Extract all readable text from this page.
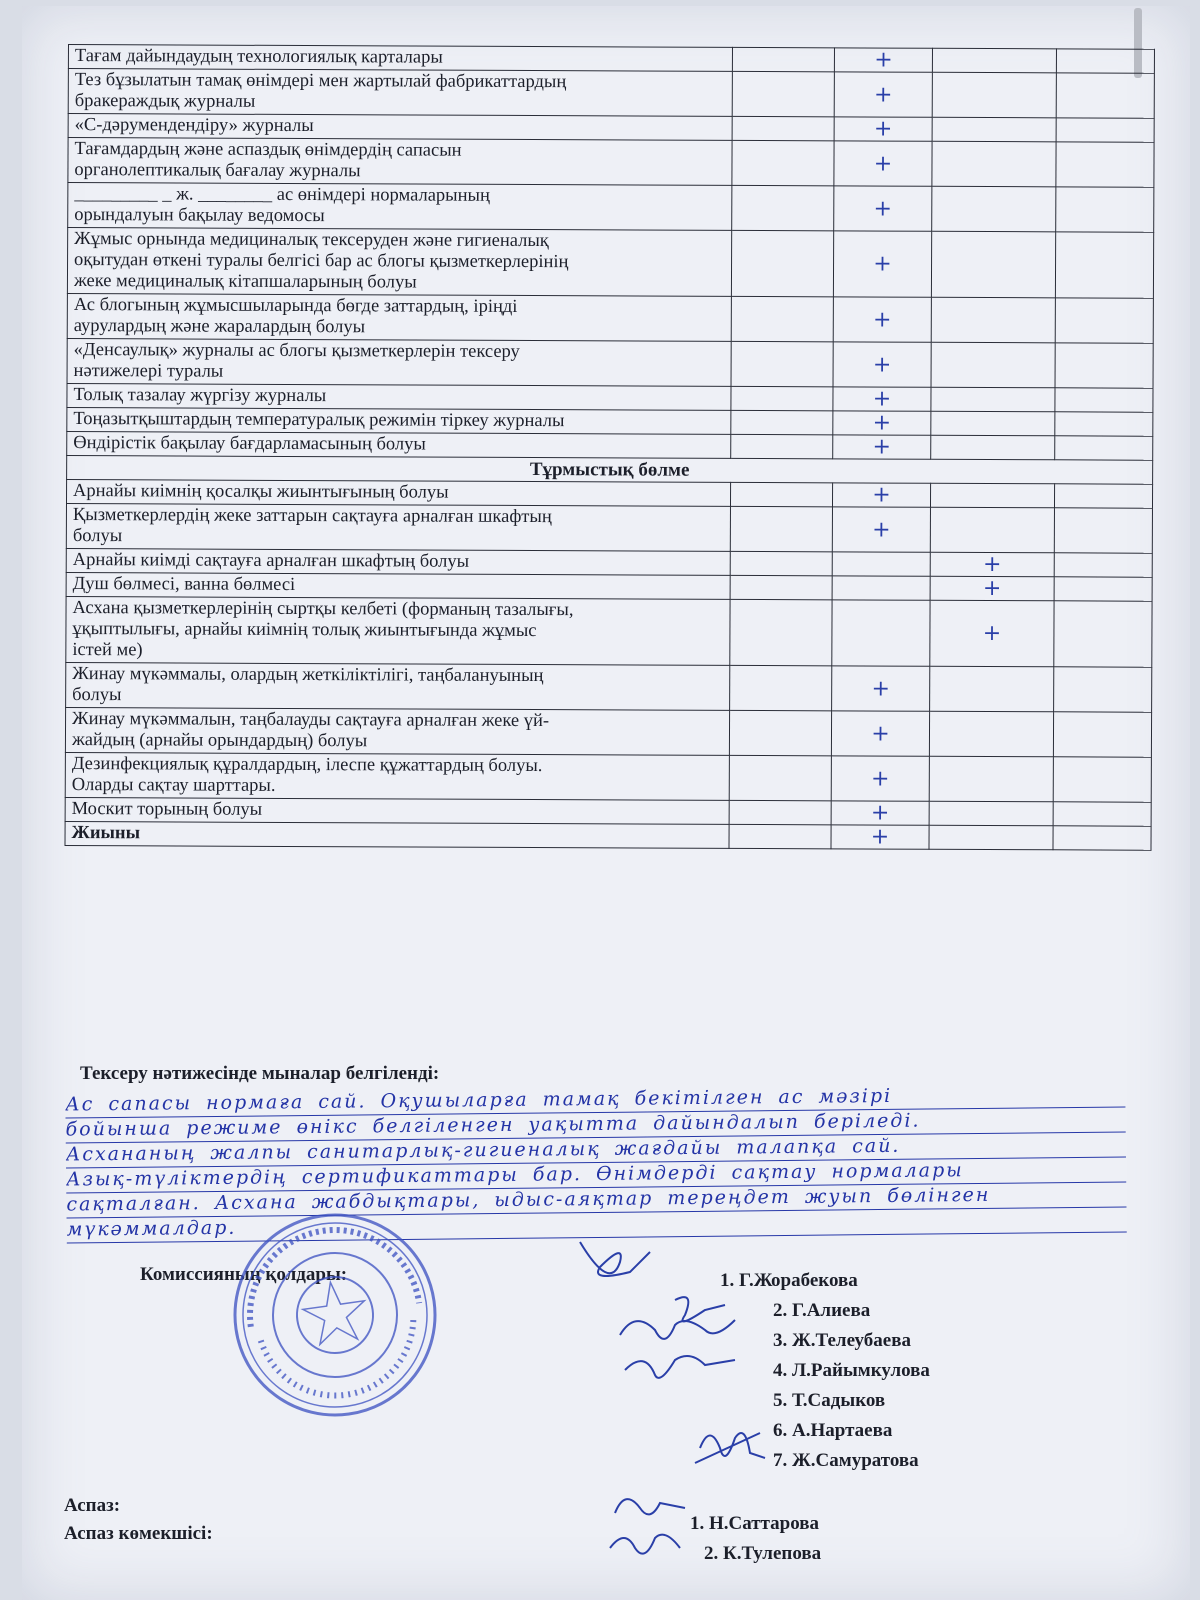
Тағам дайындаудың технологиялық карталары		+		

Тез бұзылатын тамақ өнімдері мен жартылай фабрикаттардың
бракераждық журналы		+		

«С-дәрумендендіру» журналы		+		

Тағамдардың және аспаздық өнімдердің сапасын
органолептикалық бағалау журналы		+		

_________ _ ж. ________ ас өнімдері нормаларының
орындалуын бақылау ведомосы		+		

Жұмыс орнында медициналық тексеруден және гигиеналық
оқытудан өткені туралы белгісі бар ас блогы қызметкерлерінің
жеке медициналық кітапшаларының болуы		+		

Ас блогының жұмысшыларында бөгде заттардың, іріңді
аурулардың және жаралардың болуы		+		

«Денсаулық» журналы ас блогы қызметкерлерін тексеру
нәтижелері туралы		+		

Толық тазалау жүргізу журналы		+		

Тоңазытқыштардың температуралық режимін тіркеу журналы		+		

Өндірістік бақылау бағдарламасының болуы		+		
Тұрмыстық бөлме				

Арнайы киімнің қосалқы жиынтығының болуы		+		

Қызметкерлердің жеке заттарын сақтауға арналған шкафтың
болуы		+		

Арнайы киімді сақтауға арналған шкафтың болуы			+	

Душ бөлмесі, ванна бөлмесі			+	

Асхана қызметкерлерінің сыртқы келбеті (форманың тазалығы,
ұқыптылығы, арнайы киімнің толық жиынтығында жұмыс
істей ме)			+	

Жинау мүкәммалы, олардың жеткіліктілігі, таңбалануының
болуы		+		

Жинау мүкәммалын, таңбалауды сақтауға арналған жеке үй-
жайдың (арнайы орындардың) болуы		+		

Дезинфекциялық құралдардың, ілеспе құжаттардың болуы.
Оларды сақтау шарттары.		+		

Москит торының болуы		+		

Жиыны		+		
Тексеру нәтижесінде мыналар белгіленді:
Ас сапасы нормаға сай. Оқушыларға тамақ бекітілген ас мәзірі
бойынша режиме өнікс белгіленген уақытта дайындалып беріледі.
Асхананың жалпы санитарлық-гигиеналық жағдайы талапқа сай.
Азық-түліктердің сертификаттары бар. Өнімдерді сақтау нормалары
сақталған. Асхана жабдықтары, ыдыс-аяқтар тереңдет жуып бөлінген
мүкәммалдар.
Комиссияның қолдары:	1. Г.Жорабекова
2. Г.Алиева
3. Ж.Телеубаева
4. Л.Райымкулова
5. Т.Садыков
6. А.Нартаева
7. Ж.Самуратова
Аспаз:
Аспаз көмекшісі:	1. Н.Саттарова
2. К.Тулепова
